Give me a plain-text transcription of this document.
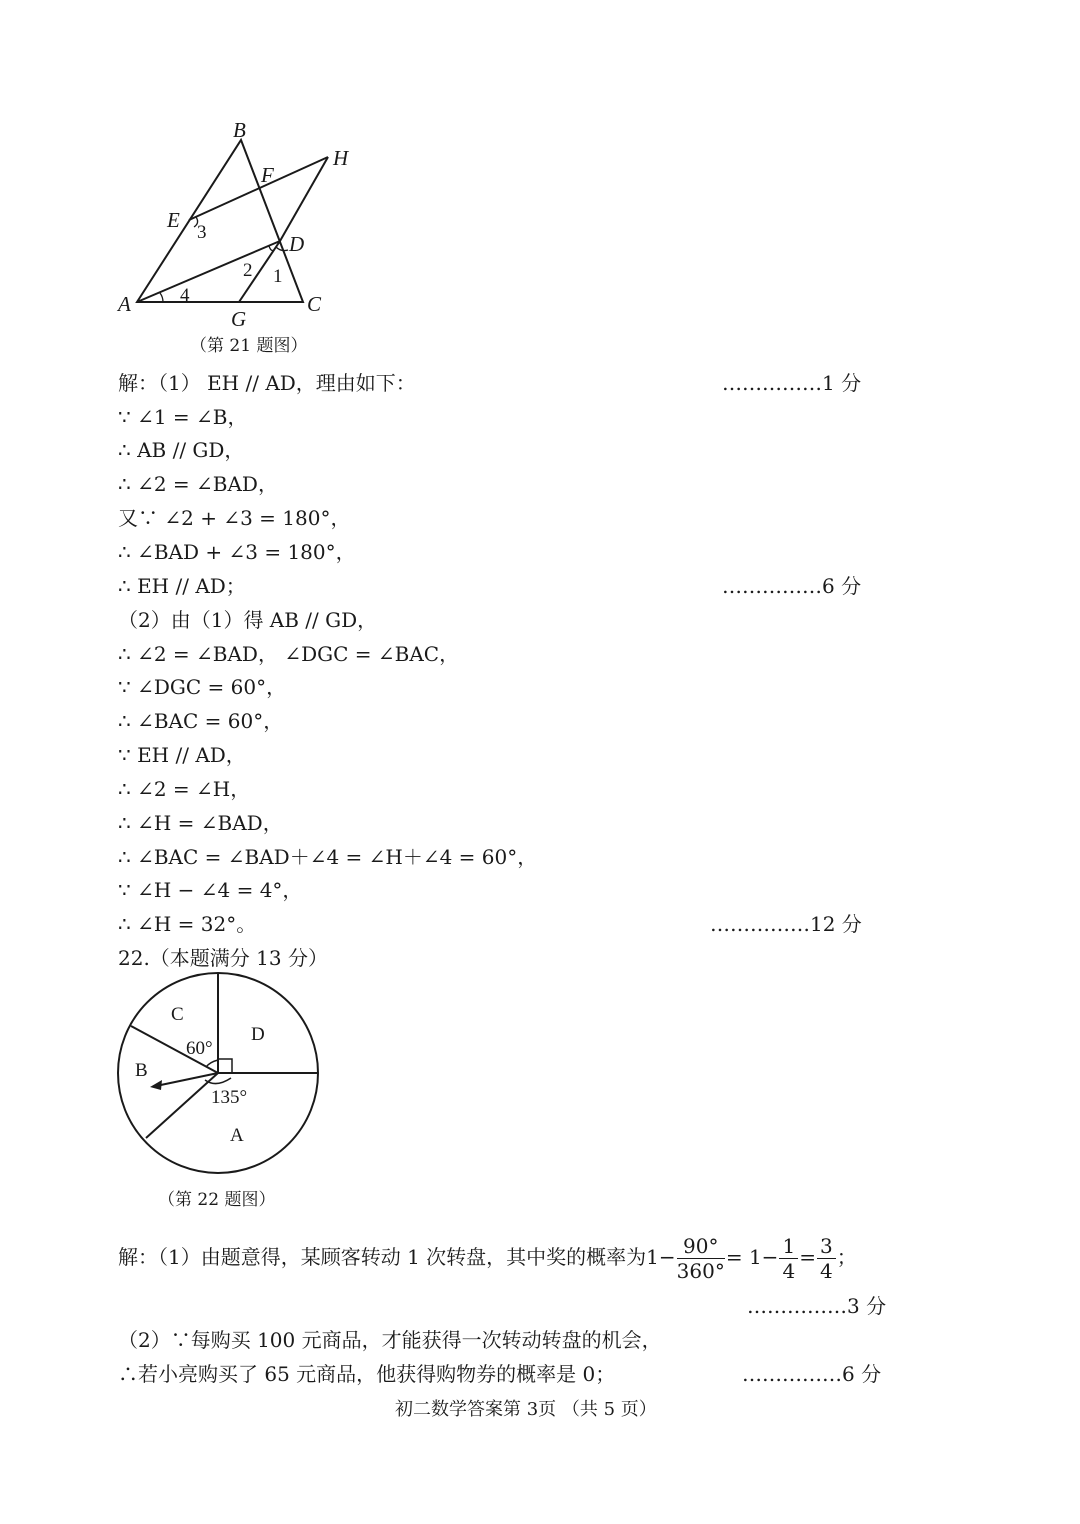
B
H
F
E
D
A	C
G
3
2 1
4
（第 21 题图）
解：（1） EH // AD，理由如下：
∵ ∠1 = ∠B，
∴ AB // GD，
∴ ∠2 = ∠BAD，
又∵ ∠2 + ∠3 = 180°，
∴ ∠BAD + ∠3 = 180°，
∴ EH // AD；
（2）由（1）得 AB // GD，
∴ ∠2 = ∠BAD， ∠DGC = ∠BAC，
∵ ∠DGC = 60°，
∴ ∠BAC = 60°，
∵ EH // AD，
∴ ∠2 = ∠H，
∴ ∠H = ∠BAD，
∴ ∠BAC = ∠BAD＋∠4 = ∠H＋∠4 = 60°，
∵ ∠H − ∠4 = 4°，
∴ ∠H = 32°。
……………1 分
……………6 分
……………12 分
22.（本题满分 13 分）
C
D
B
A
60°
135°
（第 22 题图）
解：（1）由题意得，某顾客转动 1 次转盘，其中奖的概率为$1- \frac{90^\circ}{360^\circ} = 1- \frac{1}{4} = \frac{3}{4}$ ；
……………3 分
（2）∵每购买 100 元商品，才能获得一次转动转盘的机会，
∴若小亮购买了 65 元商品，他获得购物券的概率是 0；	……………6 分
初二数学答案第 3页 （共 5 页）
